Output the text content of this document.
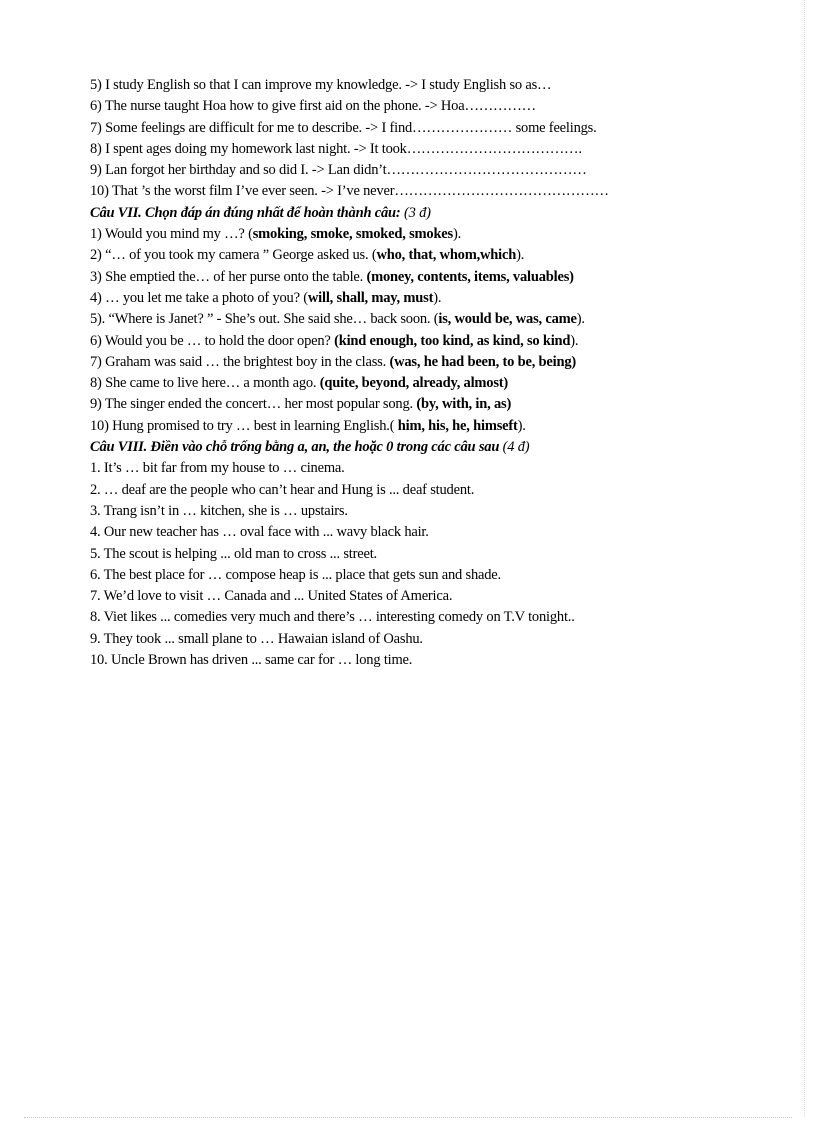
5) I study English so that I can improve my knowledge. -> I study English so as…
6) The nurse taught Hoa how to give first aid on the phone. -> Hoa……………
7) Some feelings are difficult for me to describe. -> I find………………… some feelings.
8) I spent ages doing my homework last night. -> It took……………………………….
9) Lan forgot her birthday and so did I. -> Lan didn’t……………………………………
10) That ’s the worst film I’ve ever seen. -> I’ve never………………………………………
Câu VII. Chọn đáp án đúng nhất để hoàn thành câu: (3 đ)
1) Would you mind my …? (smoking, smoke, smoked, smokes).
2) “… of you took my camera ” George asked us. (who, that, whom,which).
3) She emptied the… of her purse onto the table. (money, contents, items, valuables)
4) … you let me take a photo of you? (will, shall, may, must).
5). “Where is Janet? ” - She’s out. She said she… back soon. (is, would be, was, came).
6) Would you be … to hold the door open? (kind enough, too kind, as kind, so kind).
7) Graham was said … the brightest boy in the class. (was, he had been, to be, being)
8) She came to live here… a month ago. (quite, beyond, already, almost)
9) The singer ended the concert… her most popular song. (by, with, in, as)
10) Hung promised to try … best in learning English.( him, his, he, himseft).
Câu VIII. Điền vào chỗ trống bằng a, an, the hoặc 0 trong các câu sau (4 đ)
1. It’s … bit far from my house to … cinema.
2. … deaf are the people who can’t hear and Hung is ... deaf student.
3. Trang isn’t in … kitchen, she is … upstairs.
4. Our new teacher has … oval face with ... wavy black hair.
5. The scout is helping ... old man to cross ... street.
6. The best place for … compose heap is ... place that gets sun and shade.
7. We’d love to visit … Canada and ... United States of America.
8. Viet likes ... comedies very much and there’s … interesting comedy on T.V tonight..
9. They took ... small plane to … Hawaian island of Oashu.
10. Uncle Brown has driven ... same car for … long time.
